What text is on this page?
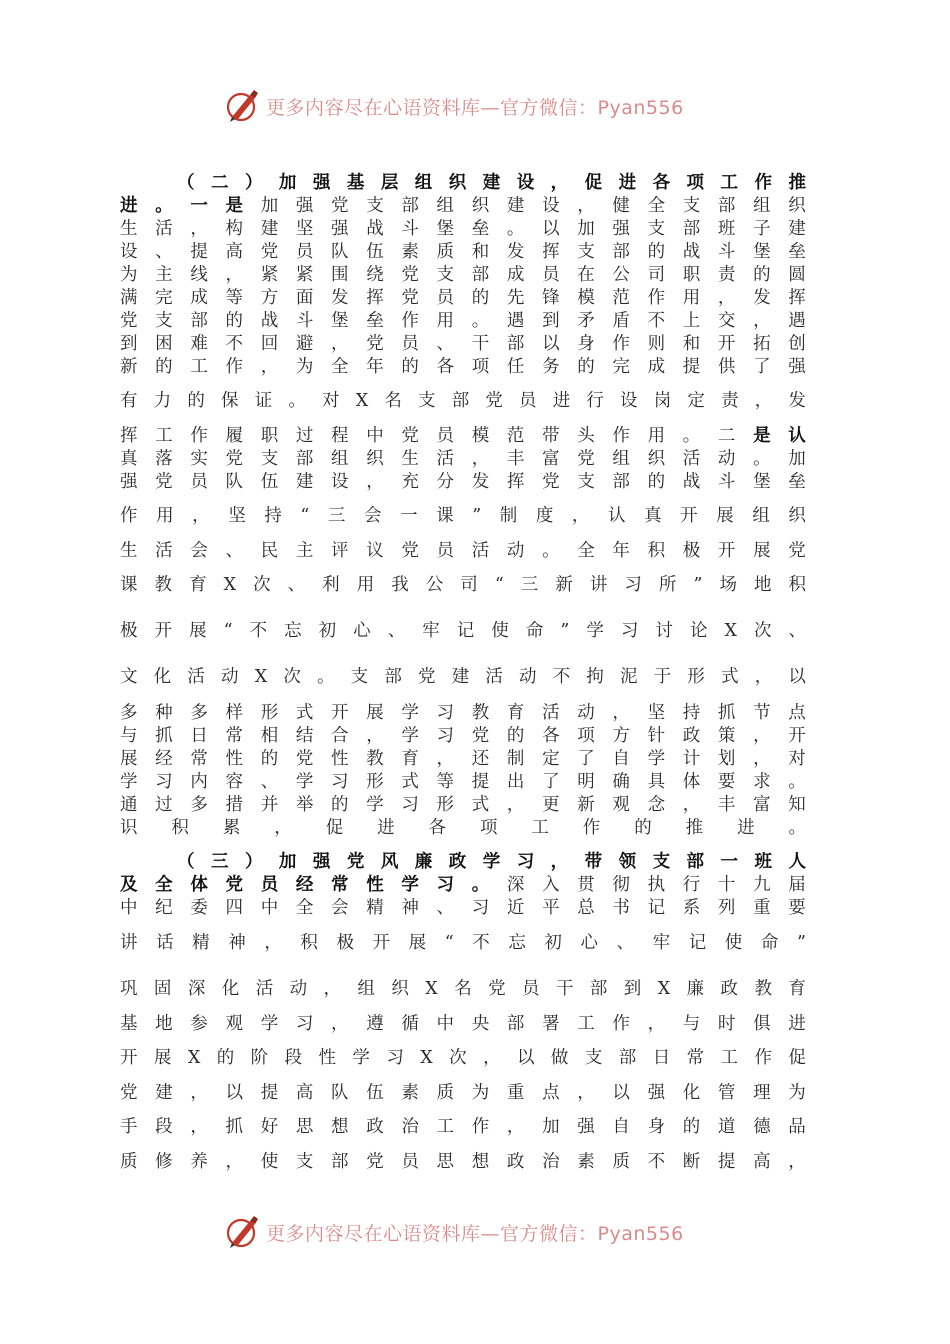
更多内容尽在心语资料库—官方微信：Pyan556
（ 二 ） 加 强 基 层 组 织 建 设 ， 促 进 各 项 工 作 推
进 。 一 是 加 强 党 支 部 组 织 建 设 ， 健 全 支 部 组 织
生 活 ， 构 建 坚 强 战 斗 堡 垒 。 以 加 强 支 部 班 子 建
设 、 提 高 党 员 队 伍 素 质 和 发 挥 支 部 的 战 斗 堡 垒
为 主 线 ， 紧 紧 围 绕 党 支 部 成 员 在 公 司 职 责 的 圆
满 完 成 等 方 面 发 挥 党 员 的 先 锋 模 范 作 用 ， 发 挥
党 支 部 的 战 斗 堡 垒 作 用 。 遇 到 矛 盾 不 上 交 ， 遇
到 困 难 不 回 避 ， 党 员 、 干 部 以 身 作 则 和 开 拓 创
新 的 工 作 ， 为 全 年 的 各 项 任 务 的 完 成 提 供 了 强
有 力 的 保 证 。 对 X 名 支 部 党 员 进 行 设 岗 定 责 ， 发
挥 工 作 履 职 过 程 中 党 员 模 范 带 头 作 用 。 二 是 认
真 落 实 党 支 部 组 织 生 活 ， 丰 富 党 组 织 活 动 。 加
强 党 员 队 伍 建 设 ， 充 分 发 挥 党 支 部 的 战 斗 堡 垒
作 用 ， 坚 持 “ 三 会 一 课 ” 制 度 ， 认 真 开 展 组 织
生 活 会 、 民 主 评 议 党 员 活 动 。 全 年 积 极 开 展 党
课 教 育 X 次 、 利 用 我 公 司 “ 三 新 讲 习 所 ” 场 地 积
极 开 展 “ 不 忘 初 心 、 牢 记 使 命 ” 学 习 讨 论 X 次 、
文 化 活 动 X 次 。 支 部 党 建 活 动 不 拘 泥 于 形 式 ， 以
多 种 多 样 形 式 开 展 学 习 教 育 活 动 ， 坚 持 抓 节 点
与 抓 日 常 相 结 合 ， 学 习 党 的 各 项 方 针 政 策 ， 开
展 经 常 性 的 党 性 教 育 ， 还 制 定 了 自 学 计 划 ， 对
学 习 内 容 、 学 习 形 式 等 提 出 了 明 确 具 体 要 求 。
通 过 多 措 并 举 的 学 习 形 式 ， 更 新 观 念 ， 丰 富 知
识 积 累 ， 促 进 各 项 工 作 的 推 进 。
（ 三 ） 加 强 党 风 廉 政 学 习 ， 带 领 支 部 一 班 人
及 全 体 党 员 经 常 性 学 习 。 深 入 贯 彻 执 行 十 九 届
中 纪 委 四 中 全 会 精 神 、 习 近 平 总 书 记 系 列 重 要
讲 话 精 神 ， 积 极 开 展 “ 不 忘 初 心 、 牢 记 使 命 ”
巩 固 深 化 活 动 ， 组 织 X 名 党 员 干 部 到 X 廉 政 教 育
基 地 参 观 学 习 ， 遵 循 中 央 部 署 工 作 ， 与 时 俱 进
开 展 X 的 阶 段 性 学 习 X 次 ， 以 做 支 部 日 常 工 作 促
党 建 ， 以 提 高 队 伍 素 质 为 重 点 ， 以 强 化 管 理 为
手 段 ， 抓 好 思 想 政 治 工 作 ， 加 强 自 身 的 道 德 品
质 修 养 ， 使 支 部 党 员 思 想 政 治 素 质 不 断 提 高 ，
更多内容尽在心语资料库—官方微信：Pyan556
